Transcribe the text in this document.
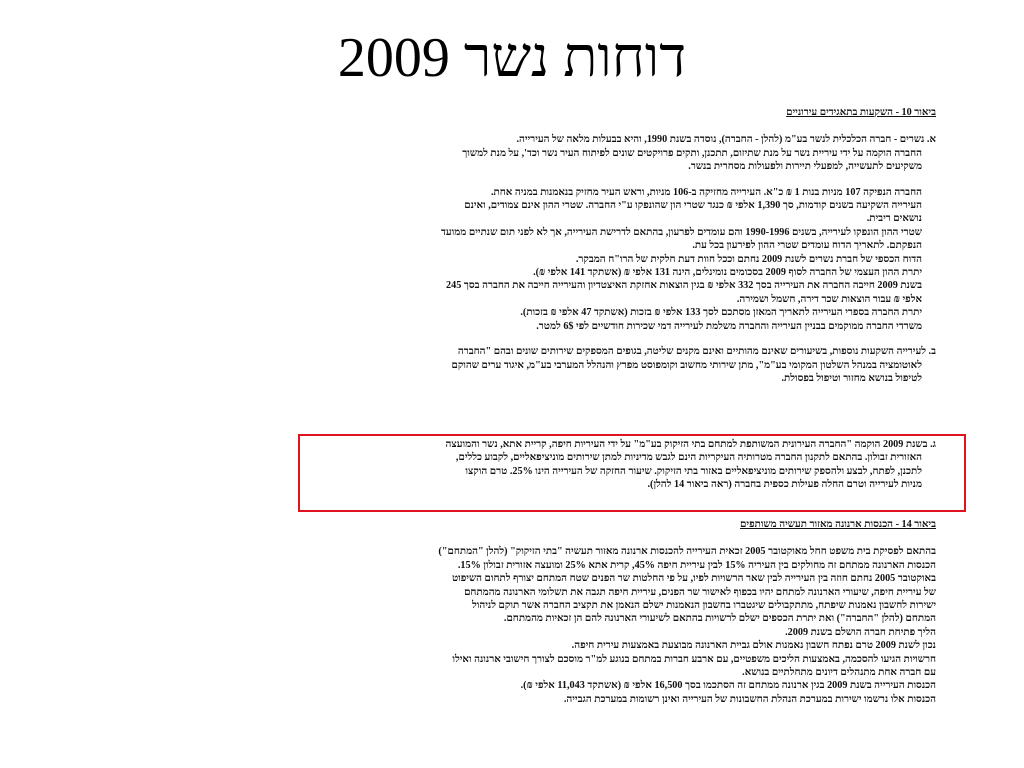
דוחות נשר 2009

ביאור 10 - השקעות בתאגידים עירוניים

א. נשרים - חברה הכלכלית לנשר בע"מ (להלן - החברה), נוסדה בשנת 1990, והיא בבעלות מלאה של העירייה.

החברה הוקמה על ידי עיריית נשר על מנת שתיזום, תתכנן, ותקים פרויקטים שונים לפיתוח העיר נשר וכד', על מנת למשוך

משקיעים לתעשייה, למפעלי תיירות ולפעולות מסחרית בנשר.

החברה הנפיקה 107 מניות בנות 1 ₪ כ"א. העירייה מחזיקה ב-106 מניות, וראש העיר מחזיק בנאמנות במניה אחת.

העירייה השקיעה בשנים קודמות, סך 1,390 אלפי ₪ כנגד שטרי הון שהונפקו ע"י החברה. שטרי ההון אינם צמודים, ואינם

נושאים ריבית.

שטרי ההון הונפקו לעירייה, בשנים 1990-1996 והם עומדים לפרעון, בהתאם לדרישת העירייה, אך לא לפני תום שנתיים ממועד

הנפקתם. לתאריך הדוח עומדים שטרי ההון לפירעון בכל עת.

הדוח הכספי של חברת נשרים לשנת 2009 נחתם וככל חוות דעת חלקית של הרו"ח המבקר.

יתרת ההון העצמי של החברה לסוף 2009 בסכומים נומינלים, הינה 131 אלפי ₪ (אשתקד 141 אלפי ₪).

בשנת 2009 חייבה החברה את העירייה בסך 332 אלפי ₪ בגין הוצאות אחזקת האיצטדיון והעירייה חייבה את החברה בסך 245

אלפי ₪ עבור הוצאות שכר דירה, חשמל ושמירה.

יתרת החברה בספרי העירייה לתאריך המאזן מסתכם לסך 133 אלפי ₪ בזכות (אשתקד 47 אלפי ₪ בזכות).

משרדי החברה ממוקמים בבניין העירייה והחברה משלמת לעירייה דמי שכירות חודשיים לפי 6$ למטר.

ב. לעירייה השקעות נוספות, בשיעורים שאינם מהותיים ואינם מקנים שליטה, בגופים המספקים שירותים שונים ובהם "החברה

לאוטומציה במנהל השלטון המקומי בע"מ", מתן שירותי מחשוב וקומפוסט מפרץ והנהלל המערבי בע"מ, איגוד ערים שהוקם

לטיפול בנושא מחזור וטיפול בפסולת.

ג. בשנת 2009 הוקמה "החברה העירונית המשותפת למתחם בתי הזיקוק בע"מ" על ידי העיריות חיפה, קריית אתא, נשר והמועצה

האזורית זבולון. בהתאם לתקנון החברה מטרותיה העיקריות הינם לגבש מדיניות למתן שירותים מוניציפאליים, לקבוע כללים,

לתכנן, לפתח, לבצע ולהספק שירותים מוניציפאליים באזור בתי הזיקוק. שיעור החזקה של העירייה הינו 25%. טרם הוקצו

מניות לעירייה וטרם החלה פעילות כספית בחברה (ראה ביאור 14 להלן).

ביאור 14 - הכנסות ארנונה מאזור תעשיה משותפים

בהתאם לפסיקת בית משפט חחל מאוקטובר 2005 זכאית העירייה להכנסות ארנונה מאזור תעשיה "בתי הזיקוק" (להלן "המתחם")

הכנסות הארנונה ממתחם זה מחולקים בין העיריה 15% לבין עיריית חיפה 45%, קרית אתא 25% ומועצה אזורית זבולון 15%.

באוקטובר 2005 נחתם חוזה בין העירייה לבין שאר הרשויות לפיו, על פי החלטות שר הפנים שטח המתחם יצורף לתחום השיפוט

של עיריית חיפה, שיעורי הארנונה למתחם יהיו בכפוף לאישור שר הפנים, עיריית חיפה תגבה את תשלומי הארנונה מהמתחם

ישירות לחשבון נאמנות שיפתח, מתתקבולים שיגטברו בחשבון הנאמנות ישלם הנאמן את תקציב החברה אשר תוקם לניהול

המתחם (להלן "החברה") ואת יתרת הכספים ישלם לרשויות בהתאם לשיעורי הארנונה להם הן זכאיות מהמתחם.

הליך פתיחת חברה הושלם בשנת 2009.

נכון לשנת 2009 טרם נפתח חשבון נאמנות אולם גביית הארנונה מבוצעת באמצעות עירית חיפה.

חרשויות הגיעו להסכמה, באמצעות הליכים משפטיים, עם ארבע חברות במתחם בנוגע למ"ר מוסכם לצורך חישובי ארנונה ואילו

עם חברה אחת מתנהלים דיונים מתחלתיים בנושא.

הכנסות העירייה בשנת 2009 בגין ארנונה ממתחם זה הסתכמו בסך 16,500 אלפי ₪ (אשתקד 11,043 אלפי ₪).

הכנסות אלו נרשמו ישירות במערכת הנהלת החשבונות של העירייה ואינן רשומות במערכת הגבייה.
